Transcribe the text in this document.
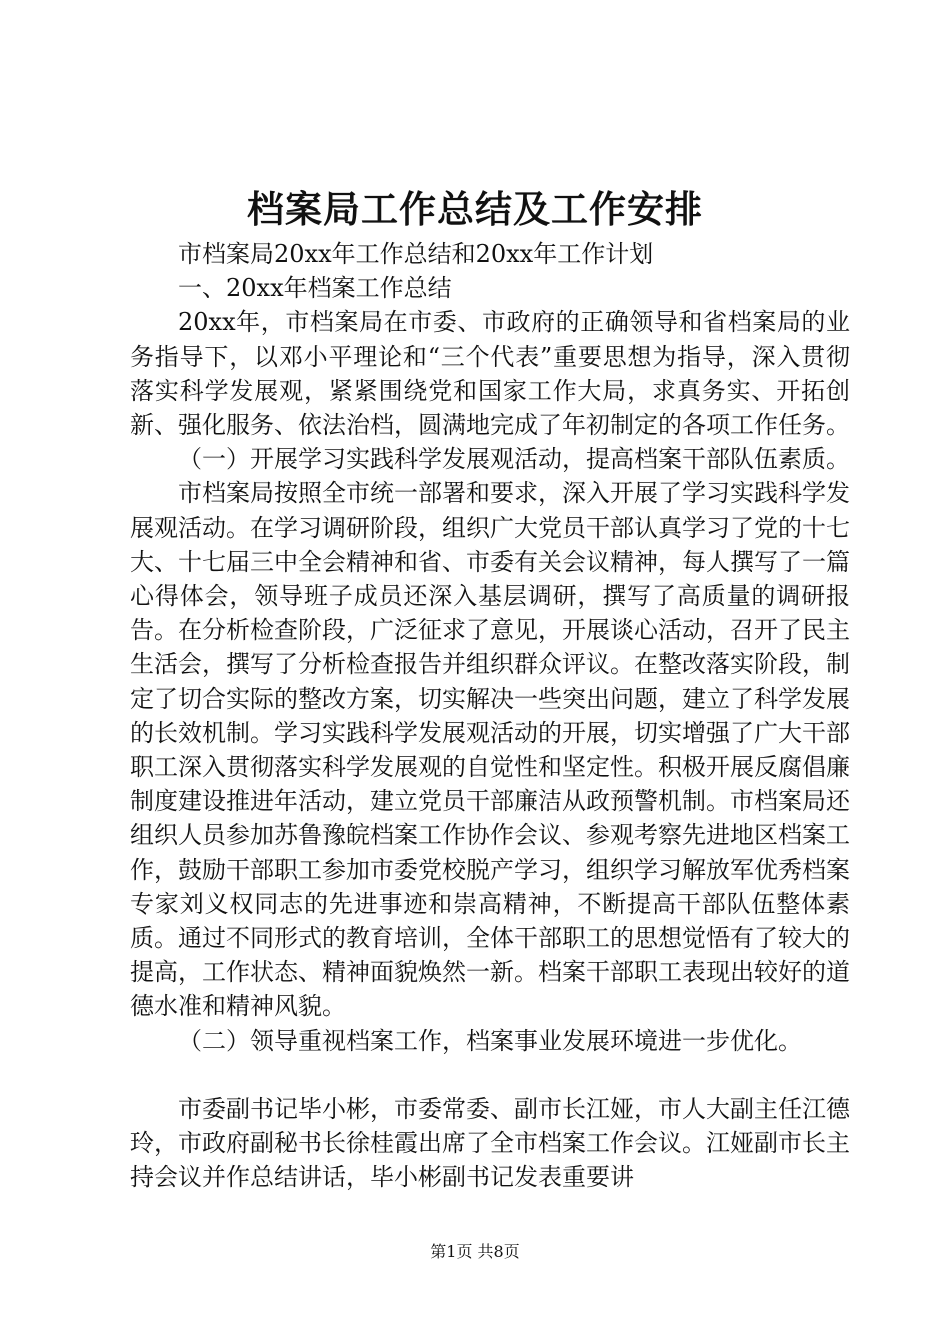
档案局工作总结及工作安排

市档案局20xx年工作总结和20xx年工作计划

一、20xx年档案工作总结

20xx年，市档案局在市委、市政府的正确领导和省档案局的业务指导下，以邓小平理论和“三个代表”重要思想为指导，深入贯彻落实科学发展观，紧紧围绕党和国家工作大局，求真务实、开拓创新、强化服务、依法治档，圆满地完成了年初制定的各项工作任务。

（一）开展学习实践科学发展观活动，提高档案干部队伍素质。

市档案局按照全市统一部署和要求，深入开展了学习实践科学发展观活动。在学习调研阶段，组织广大党员干部认真学习了党的十七大、十七届三中全会精神和省、市委有关会议精神，每人撰写了一篇心得体会，领导班子成员还深入基层调研，撰写了高质量的调研报告。在分析检查阶段，广泛征求了意见，开展谈心活动，召开了民主生活会，撰写了分析检查报告并组织群众评议。在整改落实阶段，制定了切合实际的整改方案，切实解决一些突出问题，建立了科学发展的长效机制。学习实践科学发展观活动的开展，切实增强了广大干部职工深入贯彻落实科学发展观的自觉性和坚定性。积极开展反腐倡廉制度建设推进年活动，建立党员干部廉洁从政预警机制。市档案局还组织人员参加苏鲁豫皖档案工作协作会议、参观考察先进地区档案工作，鼓励干部职工参加市委党校脱产学习，组织学习解放军优秀档案专家刘义权同志的先进事迹和崇高精神，不断提高干部队伍整体素质。通过不同形式的教育培训，全体干部职工的思想觉悟有了较大的提高，工作状态、精神面貌焕然一新。档案干部职工表现出较好的道德水准和精神风貌。

（二）领导重视档案工作，档案事业发展环境进一步优化。

市委副书记毕小彬，市委常委、副市长江娅，市人大副主任江德玲，市政府副秘书长徐桂霞出席了全市档案工作会议。江娅副市长主持会议并作总结讲话，毕小彬副书记发表重要讲

第1页 共8页
